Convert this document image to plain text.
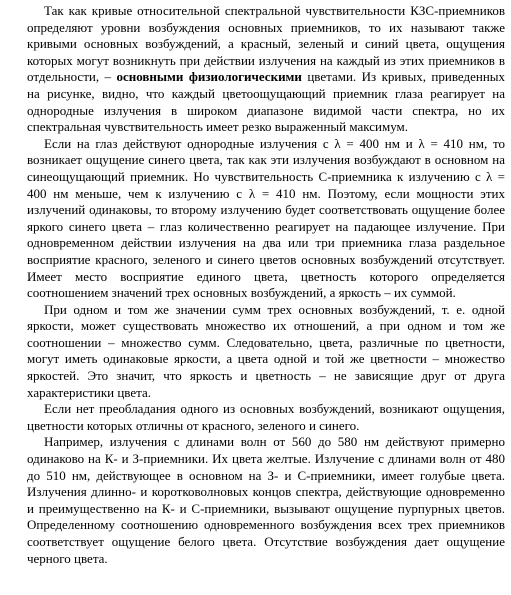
Так как кривые относительной спектральной чувствительности КЗС-приемников определяют уровни возбуждения основных приемников, то их называют также кривыми основных возбуждений, а красный, зеленый и синий цвета, ощущения которых могут возникнуть при действии излучения на каждый из этих приемников в отдельности, – основными физиологическими цветами. Из кривых, приведенных на рисунке, видно, что каждый цветоощущающий приемник глаза реагирует на однородные излучения в широком диапазоне видимой части спектра, но их спектральная чувствительность имеет резко выраженный максимум.

Если на глаз действуют однородные излучения с λ = 400 нм и λ = 410 нм, то возникает ощущение синего цвета, так как эти излучения возбуждают в основном на синеощущающий приемник. Но чувствительность С-приемника к излучению с λ = 400 нм меньше, чем к излучению с λ = 410 нм. Поэтому, если мощности этих излучений одинаковы, то второму излучению будет соответствовать ощущение более яркого синего цвета – глаз количественно реагирует на падающее излучение. При одновременном действии излучения на два или три приемника глаза раздельное восприятие красного, зеленого и синего цветов основных возбуждений отсутствует. Имеет место восприятие единого цвета, цветность которого определяется соотношением значений трех основных возбуждений, а яркость – их суммой.

При одном и том же значении сумм трех основных возбуждений, т. е. одной яркости, может существовать множество их отношений, а при одном и том же соотношении – множество сумм. Следовательно, цвета, различные по цветности, могут иметь одинаковые яркости, а цвета одной и той же цветности – множество яркостей. Это значит, что яркость и цветность – не зависящие друг от друга характеристики цвета.

Если нет преобладания одного из основных возбуждений, возникают ощущения, цветности которых отличны от красного, зеленого и синего.

Например, излучения с длинами волн от 560 до 580 нм действуют примерно одинаково на К- и З-приемники. Их цвета желтые. Излучение с длинами волн от 480 до 510 нм, действующее в основном на З- и С-приемники, имеет голубые цвета. Излучения длинно- и коротковолновых концов спектра, действующие одновременно и преимущественно на К- и С-приемники, вызывают ощущение пурпурных цветов. Определенному соотношению одновременного возбуждения всех трех приемников соответствует ощущение белого цвета. Отсутствие возбуждения дает ощущение черного цвета.
